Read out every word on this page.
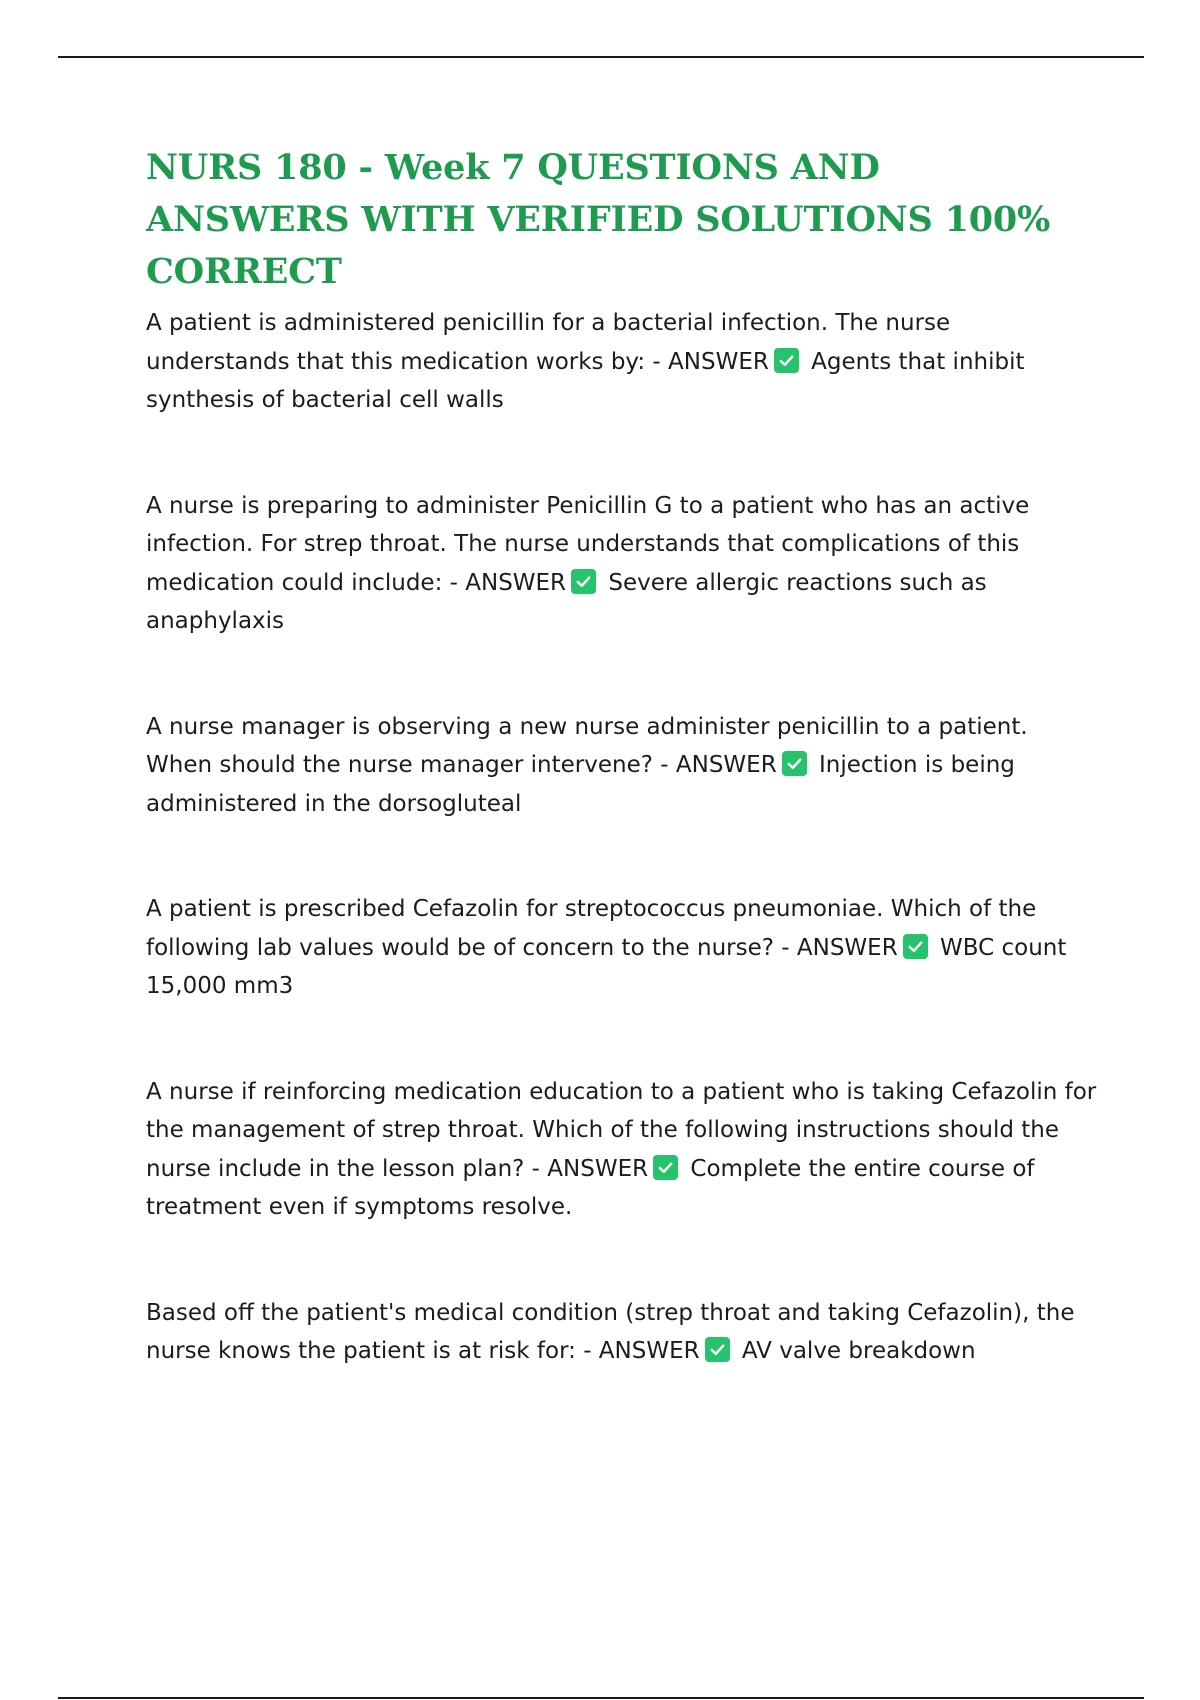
NURS 180 - Week 7 QUESTIONS AND ANSWERS WITH VERIFIED SOLUTIONS 100% CORRECT

A patient is administered penicillin for a bacterial infection. The nurse understands that this medication works by: - ANSWER Agents that inhibit synthesis of bacterial cell walls

A nurse is preparing to administer Penicillin G to a patient who has an active infection. For strep throat. The nurse understands that complications of this medication could include: - ANSWER Severe allergic reactions such as anaphylaxis

A nurse manager is observing a new nurse administer penicillin to a patient. When should the nurse manager intervene? - ANSWER Injection is being administered in the dorsogluteal

A patient is prescribed Cefazolin for streptococcus pneumoniae. Which of the following lab values would be of concern to the nurse? - ANSWER WBC count 15,000 mm3

A nurse if reinforcing medication education to a patient who is taking Cefazolin for the management of strep throat. Which of the following instructions should the nurse include in the lesson plan? - ANSWER Complete the entire course of treatment even if symptoms resolve.

Based off the patient's medical condition (strep throat and taking Cefazolin), the nurse knows the patient is at risk for: - ANSWER AV valve breakdown
